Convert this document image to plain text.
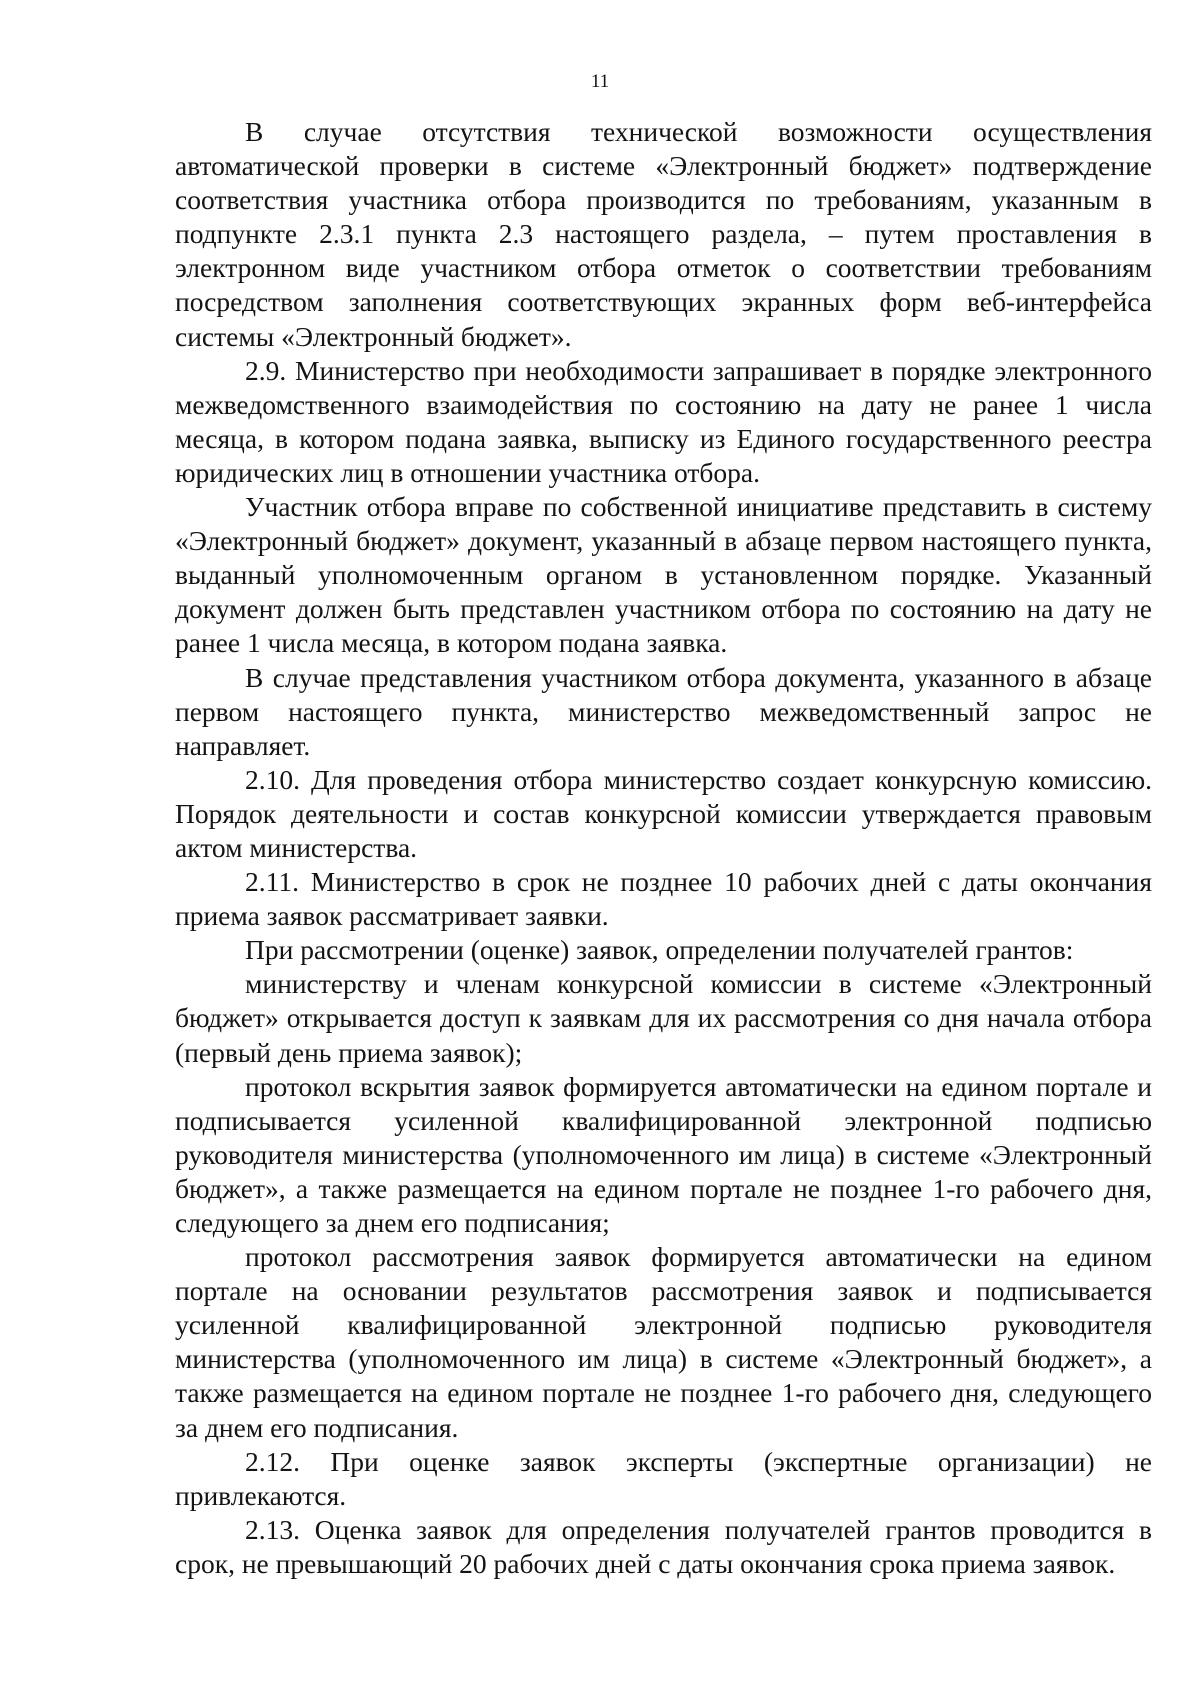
11

В случае отсутствия технической возможности осуществления автоматической проверки в системе «Электронный бюджет» подтверждение соответствия участника отбора производится по требованиям, указанным в подпункте 2.3.1 пункта 2.3 настоящего раздела, – путем проставления в электронном виде участником отбора отметок о соответствии требованиям посредством заполнения соответствующих экранных форм веб-интерфейса системы «Электронный бюджет».

2.9. Министерство при необходимости запрашивает в порядке электронного межведомственного взаимодействия по состоянию на дату не ранее 1 числа месяца, в котором подана заявка, выписку из Единого государственного реестра юридических лиц в отношении участника отбора.

Участник отбора вправе по собственной инициативе представить в систему «Электронный бюджет» документ, указанный в абзаце первом настоящего пункта, выданный уполномоченным органом в установленном порядке. Указанный документ должен быть представлен участником отбора по состоянию на дату не ранее 1 числа месяца, в котором подана заявка.

В случае представления участником отбора документа, указанного в абзаце первом настоящего пункта, министерство межведомственный запрос не направляет.

2.10. Для проведения отбора министерство создает конкурсную комиссию. Порядок деятельности и состав конкурсной комиссии утверждается правовым актом министерства.

2.11. Министерство в срок не позднее 10 рабочих дней с даты окончания приема заявок рассматривает заявки.

При рассмотрении (оценке) заявок, определении получателей грантов:

министерству и членам конкурсной комиссии в системе «Электронный бюджет» открывается доступ к заявкам для их рассмотрения со дня начала отбора (первый день приема заявок);

протокол вскрытия заявок формируется автоматически на едином портале и подписывается усиленной квалифицированной электронной подписью руководителя министерства (уполномоченного им лица) в системе «Электронный бюджет», а также размещается на едином портале не позднее 1-го рабочего дня, следующего за днем его подписания;

протокол рассмотрения заявок формируется автоматически на едином портале на основании результатов рассмотрения заявок и подписывается усиленной квалифицированной электронной подписью руководителя министерства (уполномоченного им лица) в системе «Электронный бюджет», а также размещается на едином портале не позднее 1-го рабочего дня, следующего за днем его подписания.

2.12. При оценке заявок эксперты (экспертные организации) не привлекаются.

2.13. Оценка заявок для определения получателей грантов проводится в срок, не превышающий 20 рабочих дней с даты окончания срока приема заявок.
